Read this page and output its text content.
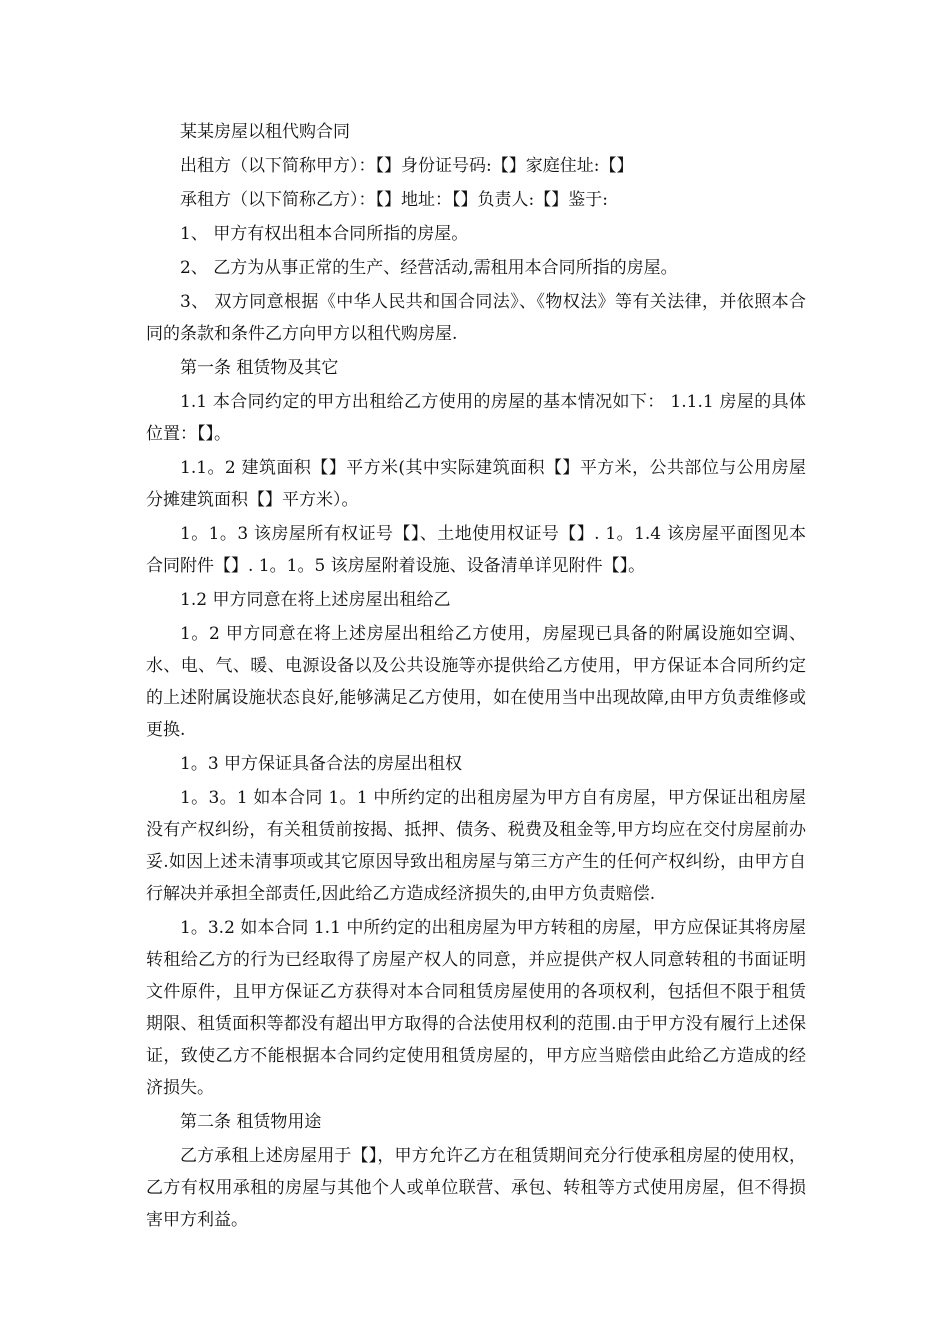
某某房屋以租代购合同

出租方（以下简称甲方）：【】身份证号码:【】家庭住址:【】

承租方（以下简称乙方）：【】地址：【】负责人:【】鉴于:

1、 甲方有权出租本合同所指的房屋。

2、 乙方为从事正常的生产、经营活动,需租用本合同所指的房屋。

3、 双方同意根据《中华人民共和国合同法》、《物权法》等有关法律，并依照本合同的条款和条件乙方向甲方以租代购房屋.

第一条 租赁物及其它

1.1 本合同约定的甲方出租给乙方使用的房屋的基本情况如下： 1.1.1 房屋的具体位置：【】。

1.1。2 建筑面积【】平方米(其中实际建筑面积【】平方米，公共部位与公用房屋分摊建筑面积【】平方米）。

1。1。3 该房屋所有权证号【】、土地使用权证号【】. 1。1.4 该房屋平面图见本合同附件【】. 1。1。5 该房屋附着设施、设备清单详见附件【】。

1.2 甲方同意在将上述房屋出租给乙

1。2 甲方同意在将上述房屋出租给乙方使用，房屋现已具备的附属设施如空调、水、电、气、暖、电源设备以及公共设施等亦提供给乙方使用，甲方保证本合同所约定的上述附属设施状态良好,能够满足乙方使用，如在使用当中出现故障,由甲方负责维修或更换.

1。3 甲方保证具备合法的房屋出租权

1。3。1 如本合同 1。1 中所约定的出租房屋为甲方自有房屋，甲方保证出租房屋没有产权纠纷，有关租赁前按揭、抵押、债务、税费及租金等,甲方均应在交付房屋前办妥.如因上述未清事项或其它原因导致出租房屋与第三方产生的任何产权纠纷，由甲方自行解决并承担全部责任,因此给乙方造成经济损失的,由甲方负责赔偿.

1。3.2 如本合同 1.1 中所约定的出租房屋为甲方转租的房屋，甲方应保证其将房屋转租给乙方的行为已经取得了房屋产权人的同意，并应提供产权人同意转租的书面证明文件原件，且甲方保证乙方获得对本合同租赁房屋使用的各项权利，包括但不限于租赁期限、租赁面积等都没有超出甲方取得的合法使用权利的范围.由于甲方没有履行上述保证，致使乙方不能根据本合同约定使用租赁房屋的，甲方应当赔偿由此给乙方造成的经济损失。

第二条 租赁物用途

乙方承租上述房屋用于【】，甲方允许乙方在租赁期间充分行使承租房屋的使用权，乙方有权用承租的房屋与其他个人或单位联营、承包、转租等方式使用房屋，但不得损害甲方利益。
